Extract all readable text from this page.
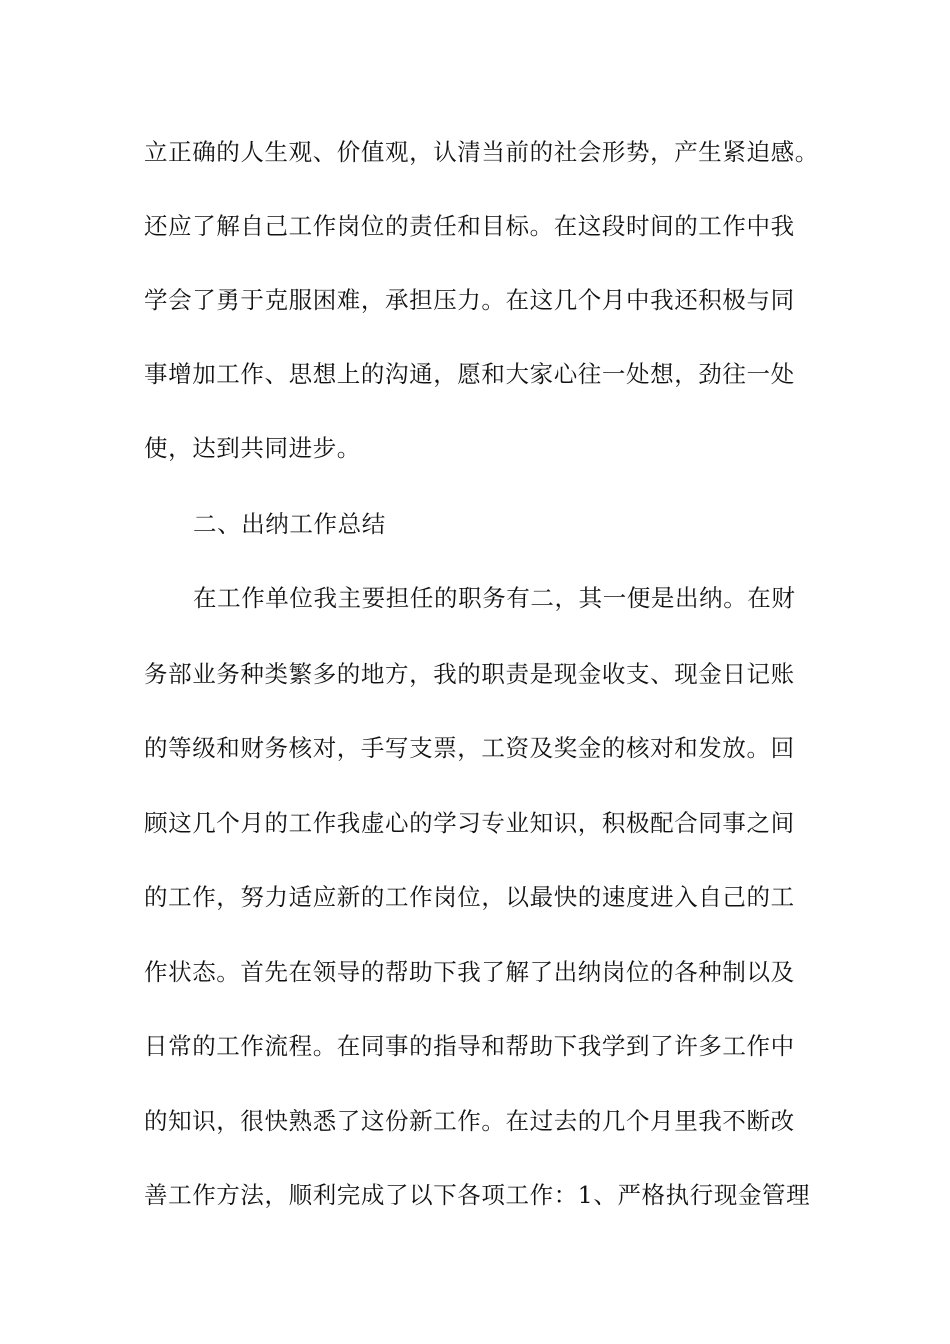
立正确的人生观、价值观，认清当前的社会形势，产生紧迫感。
还应了解自己工作岗位的责任和目标。在这段时间的工作中我
学会了勇于克服困难，承担压力。在这几个月中我还积极与同
事增加工作、思想上的沟通，愿和大家心往一处想，劲往一处
使，达到共同进步。
二、出纳工作总结
在工作单位我主要担任的职务有二，其一便是出纳。在财
务部业务种类繁多的地方，我的职责是现金收支、现金日记账
的等级和财务核对，手写支票，工资及奖金的核对和发放。回
顾这几个月的工作我虚心的学习专业知识，积极配合同事之间
的工作，努力适应新的工作岗位，以最快的速度进入自己的工
作状态。首先在领导的帮助下我了解了出纳岗位的各种制以及
日常的工作流程。在同事的指导和帮助下我学到了许多工作中
的知识，很快熟悉了这份新工作。在过去的几个月里我不断改
善工作方法，顺利完成了以下各项工作：1、严格执行现金管理
